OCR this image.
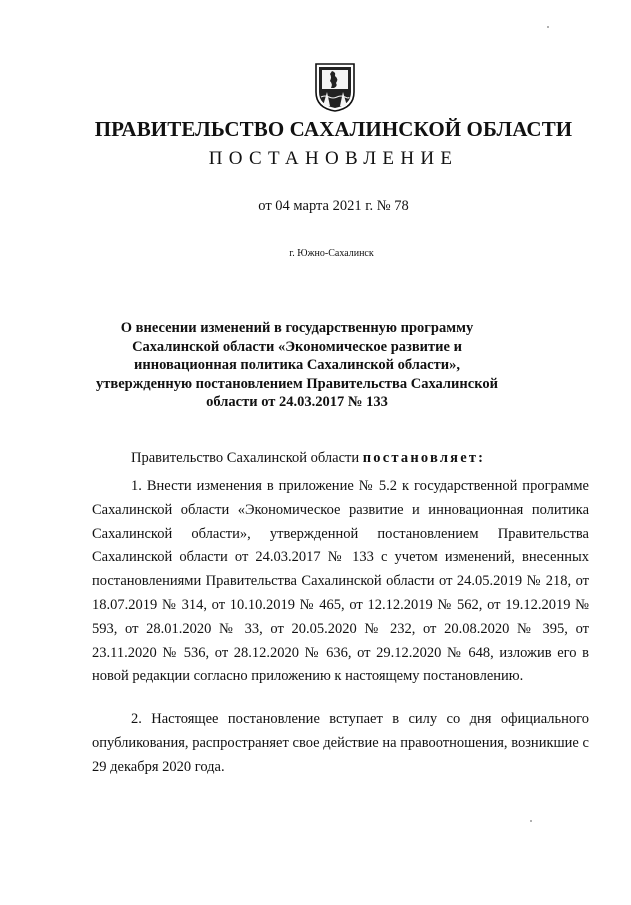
ПРАВИТЕЛЬСТВО САХАЛИНСКОЙ ОБЛАСТИ
ПОСТАНОВЛЕНИЕ
от 04 марта 2021 г. № 78
г. Южно-Сахалинск
О внесении изменений в государственную программу Сахалинской области «Экономическое развитие и инновационная политика Сахалинской области», утвержденную постановлением Правительства Сахалинской области от 24.03.2017 № 133
Правительство Сахалинской области постановляет:
1. Внести изменения в приложение № 5.2 к государственной программе Сахалинской области «Экономическое развитие и инновационная политика Сахалинской области», утвержденной постановлением Правительства Сахалинской области от 24.03.2017 № 133 с учетом изменений, внесенных постановлениями Правительства Сахалинской области от 24.05.2019 № 218, от 18.07.2019 № 314, от 10.10.2019 № 465, от 12.12.2019 № 562, от 19.12.2019 № 593, от 28.01.2020 № 33, от 20.05.2020 № 232, от 20.08.2020 № 395, от 23.11.2020 № 536, от 28.12.2020 № 636, от 29.12.2020 № 648, изложив его в новой редакции согласно приложению к настоящему постановлению.
2. Настоящее постановление вступает в силу со дня официального опубликования, распространяет свое действие на правоотношения, возникшие с 29 декабря 2020 года.
